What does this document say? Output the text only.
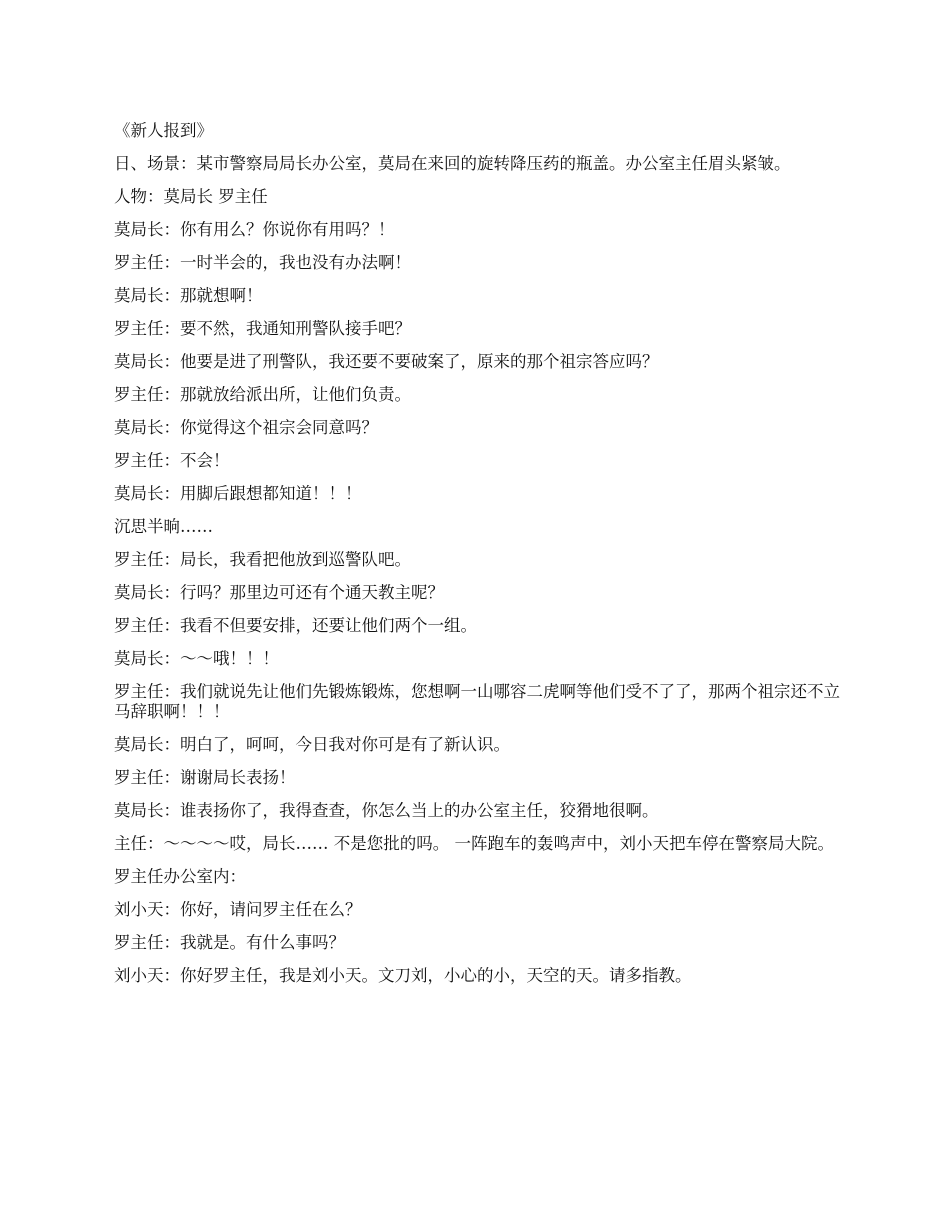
《新人报到》

日、场景：某市警察局局长办公室，莫局在来回的旋转降压药的瓶盖。办公室主任眉头紧皱。

人物：莫局长 罗主任

莫局长：你有用么？你说你有用吗？！

罗主任：一时半会的，我也没有办法啊！

莫局长：那就想啊！

罗主任：要不然，我通知刑警队接手吧？

莫局长：他要是进了刑警队，我还要不要破案了，原来的那个祖宗答应吗？

罗主任：那就放给派出所，让他们负责。

莫局长：你觉得这个祖宗会同意吗？

罗主任：不会！

莫局长：用脚后跟想都知道！！！

沉思半晌……

罗主任：局长，我看把他放到巡警队吧。

莫局长：行吗？那里边可还有个通天教主呢？

罗主任：我看不但要安排，还要让他们两个一组。

莫局长：～～哦！！！

罗主任：我们就说先让他们先锻炼锻炼，您想啊一山哪容二虎啊等他们受不了了，那两个祖宗还不立马辞职啊！！！

莫局长：明白了，呵呵，今日我对你可是有了新认识。

罗主任：谢谢局长表扬！

莫局长：谁表扬你了，我得查查，你怎么当上的办公室主任，狡猾地很啊。

主任：～～～～哎，局长…… 不是您批的吗。 一阵跑车的轰鸣声中，刘小天把车停在警察局大院。

罗主任办公室内：

刘小天：你好，请问罗主任在么？

罗主任：我就是。有什么事吗？

刘小天：你好罗主任，我是刘小天。文刀刘，小心的小，天空的天。请多指教。
